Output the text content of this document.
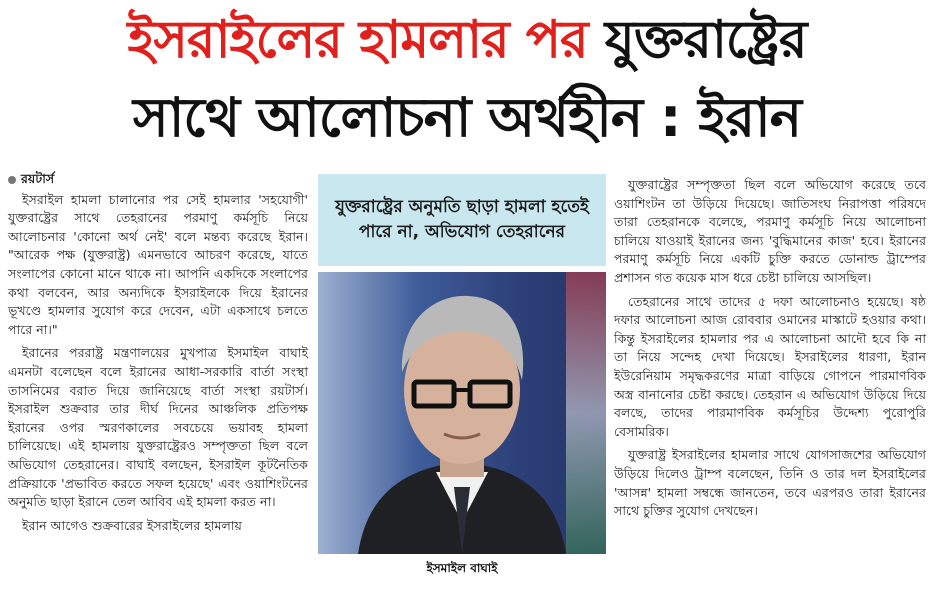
ইসরাইলের হামলার পর যুক্তরাষ্ট্রের
সাথে আলোচনা অর্থহীন : ইরান
রয়টার্স

ইসরাইল হামলা চালানোর পর সেই হামলার 'সহযোগী' যুক্তরাষ্ট্রের সাথে তেহরানের পরমাণু কর্মসূচি নিয়ে আলোচনার 'কোনো অর্থ নেই' বলে মন্তব্য করেছে ইরান। "আরেক পক্ষ (যুক্তরাষ্ট্র) এমনভাবে আচরণ করেছে, যাতে সংলাপের কোনো মানে থাকে না। আপনি একদিকে সংলাপের কথা বলবেন, আর অন্যদিকে ইসরাইলকে দিয়ে ইরানের ভূখণ্ডে হামলার সুযোগ করে দেবেন, এটা একসাথে চলতে পারে না।"

ইরানের পররাষ্ট্র মন্ত্রণালয়ের মুখপাত্র ইসমাইল বাঘাই এমনটা বলেছেন বলে ইরানের আধা-সরকারি বার্তা সংস্থা তাসনিমের বরাত দিয়ে জানিয়েছে বার্তা সংস্থা রয়টার্স। ইসরাইল শুক্রবার তার দীর্ঘ দিনের আঞ্চলিক প্রতিপক্ষ ইরানের ওপর স্মরণকালের সবচেয়ে ভয়াবহ হামলা চালিয়েছে। এই হামলায় যুক্তরাষ্ট্রেরও সম্পৃক্ততা ছিল বলে অভিযোগ তেহরানের। বাঘাই বলছেন, ইসরাইল কূটনৈতিক প্রক্রিয়াকে 'প্রভাবিত করতে সফল হয়েছে' এবং ওয়াশিংটনের অনুমতি ছাড়া ইরানে তেল আবিব এই হামলা করত না।

ইরান আগেও শুক্রবারের ইসরাইলের হামলায়

যুক্তরাষ্ট্রের অনুমতি ছাড়া হামলা হতেই পারে না, অভিযোগ তেহরানের
ইসমাইল বাঘাই

যুক্তরাষ্ট্রের সম্পৃক্ততা ছিল বলে অভিযোগ করেছে তবে ওয়াশিংটন তা উড়িয়ে দিয়েছে। জাতিসংঘ নিরাপত্তা পরিষদে তারা তেহরানকে বলেছে, পরমাণু কর্মসূচি নিয়ে আলোচনা চালিয়ে যাওয়াই ইরানের জন্য 'বুদ্ধিমানের কাজ' হবে। ইরানের পরমাণু কর্মসূচি নিয়ে একটি চুক্তি করতে ডোনাল্ড ট্রাম্পের প্রশাসন গত কয়েক মাস ধরে চেষ্টা চালিয়ে আসছিল।

তেহরানের সাথে তাদের ৫ দফা আলোচনাও হয়েছে। ষষ্ঠ দফার আলোচনা আজ রোববার ওমানের মাস্কাটে হওয়ার কথা। কিন্তু ইসরাইলের হামলার পর এ আলোচনা আদৌ হবে কি না তা নিয়ে সন্দেহ দেখা দিয়েছে। ইসরাইলের ধারণা, ইরান ইউরেনিয়াম সমৃদ্ধকরণের মাত্রা বাড়িয়ে গোপনে পারমাণবিক অস্ত্র বানানোর চেষ্টা করছে। তেহরান এ অভিযোগ উড়িয়ে দিয়ে বলছে, তাদের পারমাণবিক কর্মসূচির উদ্দেশ্য পুরোপুরি বেসামরিক।

যুক্তরাষ্ট্র ইসরাইলের হামলার সাথে যোগসাজশের অভিযোগ উড়িয়ে দিলেও ট্রাম্প বলেছেন, তিনি ও তার দল ইসরাইলের 'আসন্ন' হামলা সম্বন্ধে জানতেন, তবে এরপরও তারা ইরানের সাথে চুক্তির সুযোগ দেখছেন।
